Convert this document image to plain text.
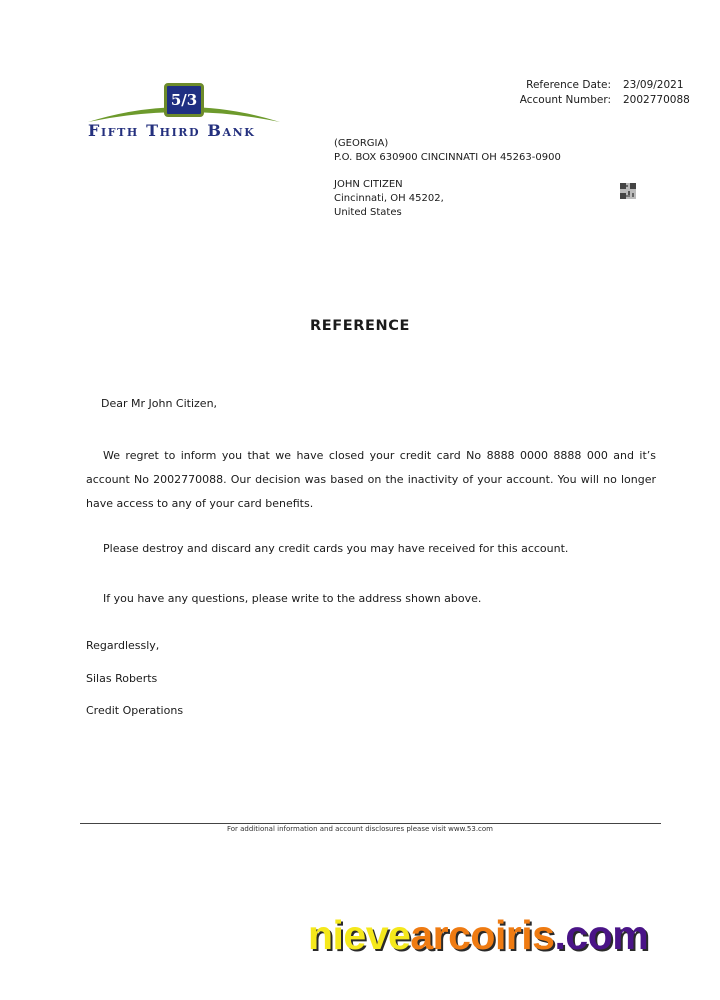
5/3
Fifth Third Bank
Reference Date: 23/09/2021
Account Number: 2002770088
(GEORGIA)
P.O. BOX 630900 CINCINNATI OH 45263-0900
JOHN CITIZEN
Cincinnati, OH 45202,
United States
REFERENCE
Dear Mr John Citizen,
We regret to inform you that we have closed your credit card No 8888 0000 8888 000 and it’s account No 2002770088. Our decision was based on the inactivity of your account. You will no longer have access to any of your card benefits.
Please destroy and discard any credit cards you may have received for this account.
If you have any questions, please write to the address shown above.
Regardlessly,
Silas Roberts
Credit Operations
For additional information and account disclosures please visit www.53.com
nievearcoiris.com
